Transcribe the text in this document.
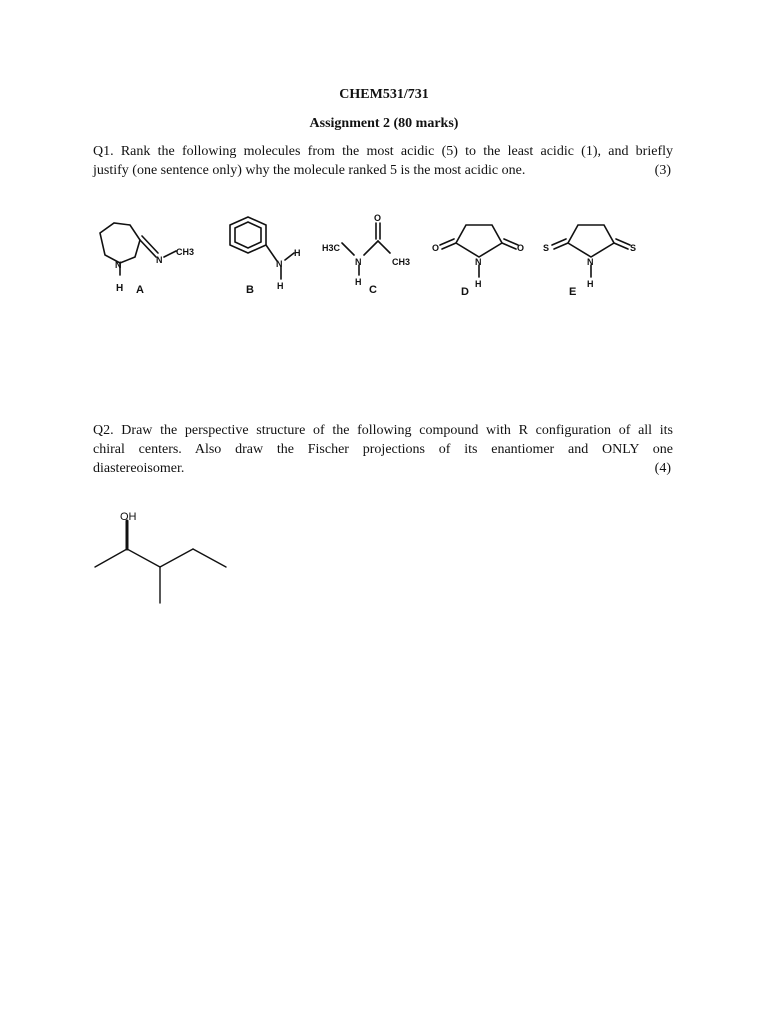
CHEM531/731
Assignment 2 (80 marks)

Q1. Rank the following molecules from the most acidic (5) to the least acidic (1), and briefly

justify (one sentence only) why the molecule ranked 5 is the most acidic one.	(3)
N	N
CH3
H A
N
H
H
B
H3C
N
O
CH3
H
C
O	O
N
H
D
S	S
N
H
E

Q2. Draw the perspective structure of the following compound with R configuration of all its

chiral centers. Also draw the Fischer projections of its enantiomer and ONLY one

diastereoisomer.	(4)
OH
